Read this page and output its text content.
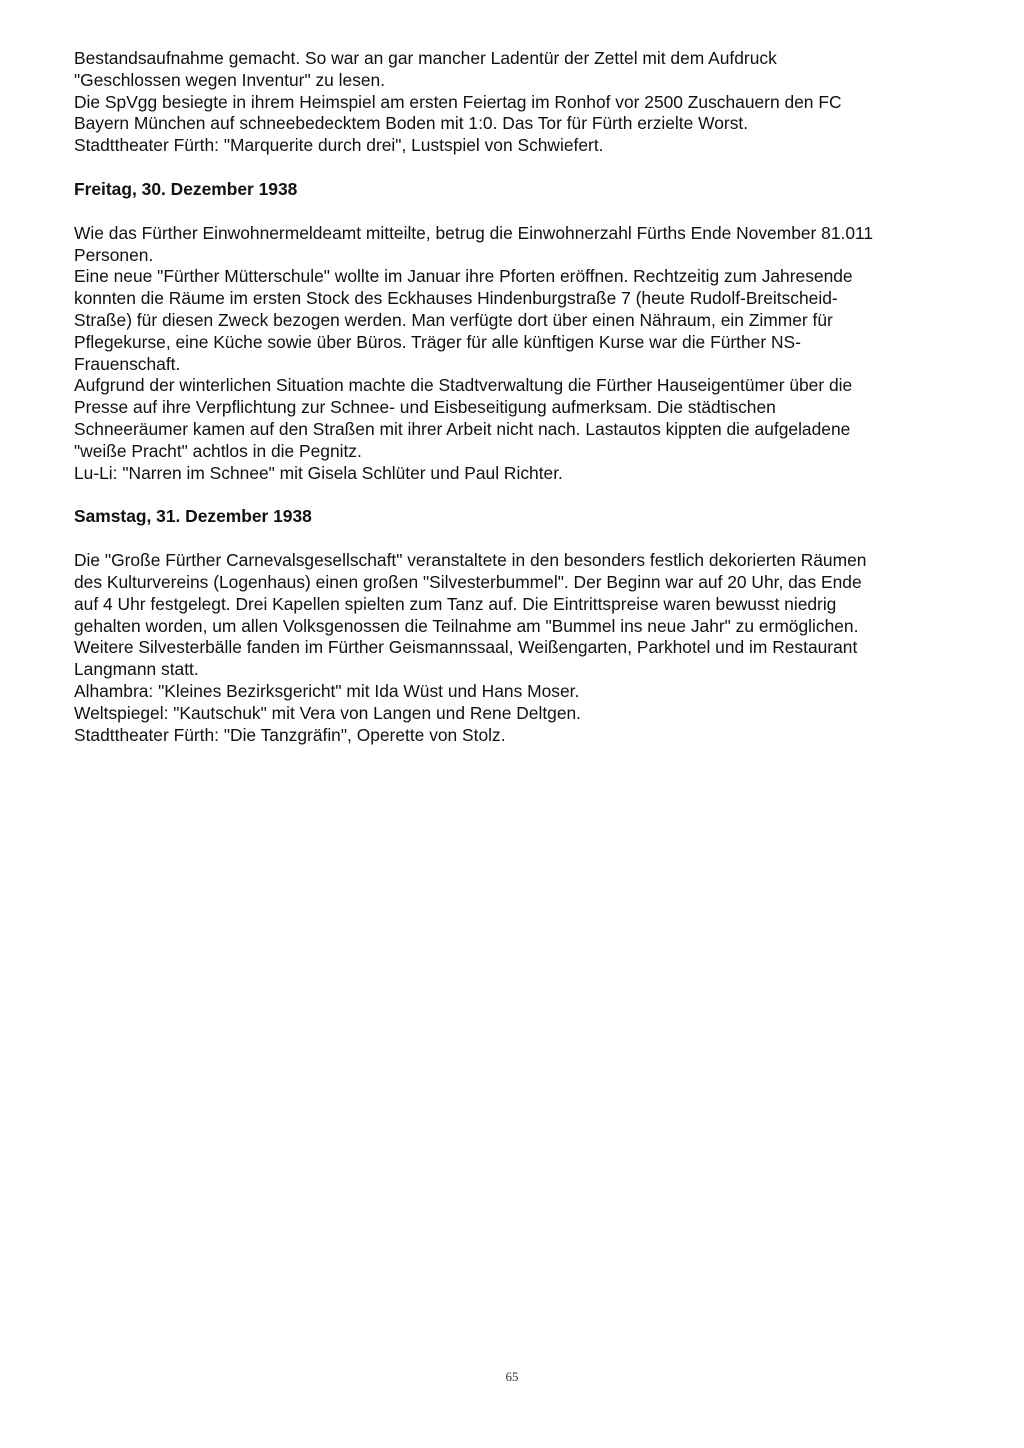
Bestandsaufnahme gemacht. So war an gar mancher Ladentür der Zettel mit dem Aufdruck

"Geschlossen wegen Inventur" zu lesen.

Die SpVgg besiegte in ihrem Heimspiel am ersten Feiertag im Ronhof vor 2500 Zuschauern den FC

Bayern München auf schneebedecktem Boden mit 1:0. Das Tor für Fürth erzielte Worst.

Stadttheater Fürth: "Marquerite durch drei", Lustspiel von Schwiefert.

Freitag, 30. Dezember 1938

Wie das Fürther Einwohnermeldeamt mitteilte, betrug die Einwohnerzahl Fürths Ende November 81.011

Personen.

Eine neue "Fürther Mütterschule" wollte im Januar ihre Pforten eröffnen. Rechtzeitig zum Jahresende

konnten die Räume im ersten Stock des Eckhauses Hindenburgstraße 7 (heute Rudolf-Breitscheid-

Straße) für diesen Zweck bezogen werden. Man verfügte dort über einen Nähraum, ein Zimmer für

Pflegekurse, eine Küche sowie über Büros. Träger für alle künftigen Kurse war die Fürther NS-

Frauenschaft.

Aufgrund der winterlichen Situation machte die Stadtverwaltung die Fürther Hauseigentümer über die

Presse auf ihre Verpflichtung zur Schnee- und Eisbeseitigung aufmerksam. Die städtischen

Schneeräumer kamen auf den Straßen mit ihrer Arbeit nicht nach. Lastautos kippten die aufgeladene

"weiße Pracht" achtlos in die Pegnitz.

Lu-Li: "Narren im Schnee" mit Gisela Schlüter und Paul Richter.

Samstag, 31. Dezember 1938

Die "Große Fürther Carnevalsgesellschaft" veranstaltete in den besonders festlich dekorierten Räumen

des Kulturvereins (Logenhaus) einen großen "Silvesterbummel". Der Beginn war auf 20 Uhr, das Ende

auf 4 Uhr festgelegt. Drei Kapellen spielten zum Tanz auf. Die Eintrittspreise waren bewusst niedrig

gehalten worden, um allen Volksgenossen die Teilnahme am "Bummel ins neue Jahr" zu ermöglichen.

Weitere Silvesterbälle fanden im Fürther Geismannssaal, Weißengarten, Parkhotel und im Restaurant

Langmann statt.

Alhambra: "Kleines Bezirksgericht" mit Ida Wüst und Hans Moser.

Weltspiegel: "Kautschuk" mit Vera von Langen und Rene Deltgen.

Stadttheater Fürth: "Die Tanzgräfin", Operette von Stolz.

65
